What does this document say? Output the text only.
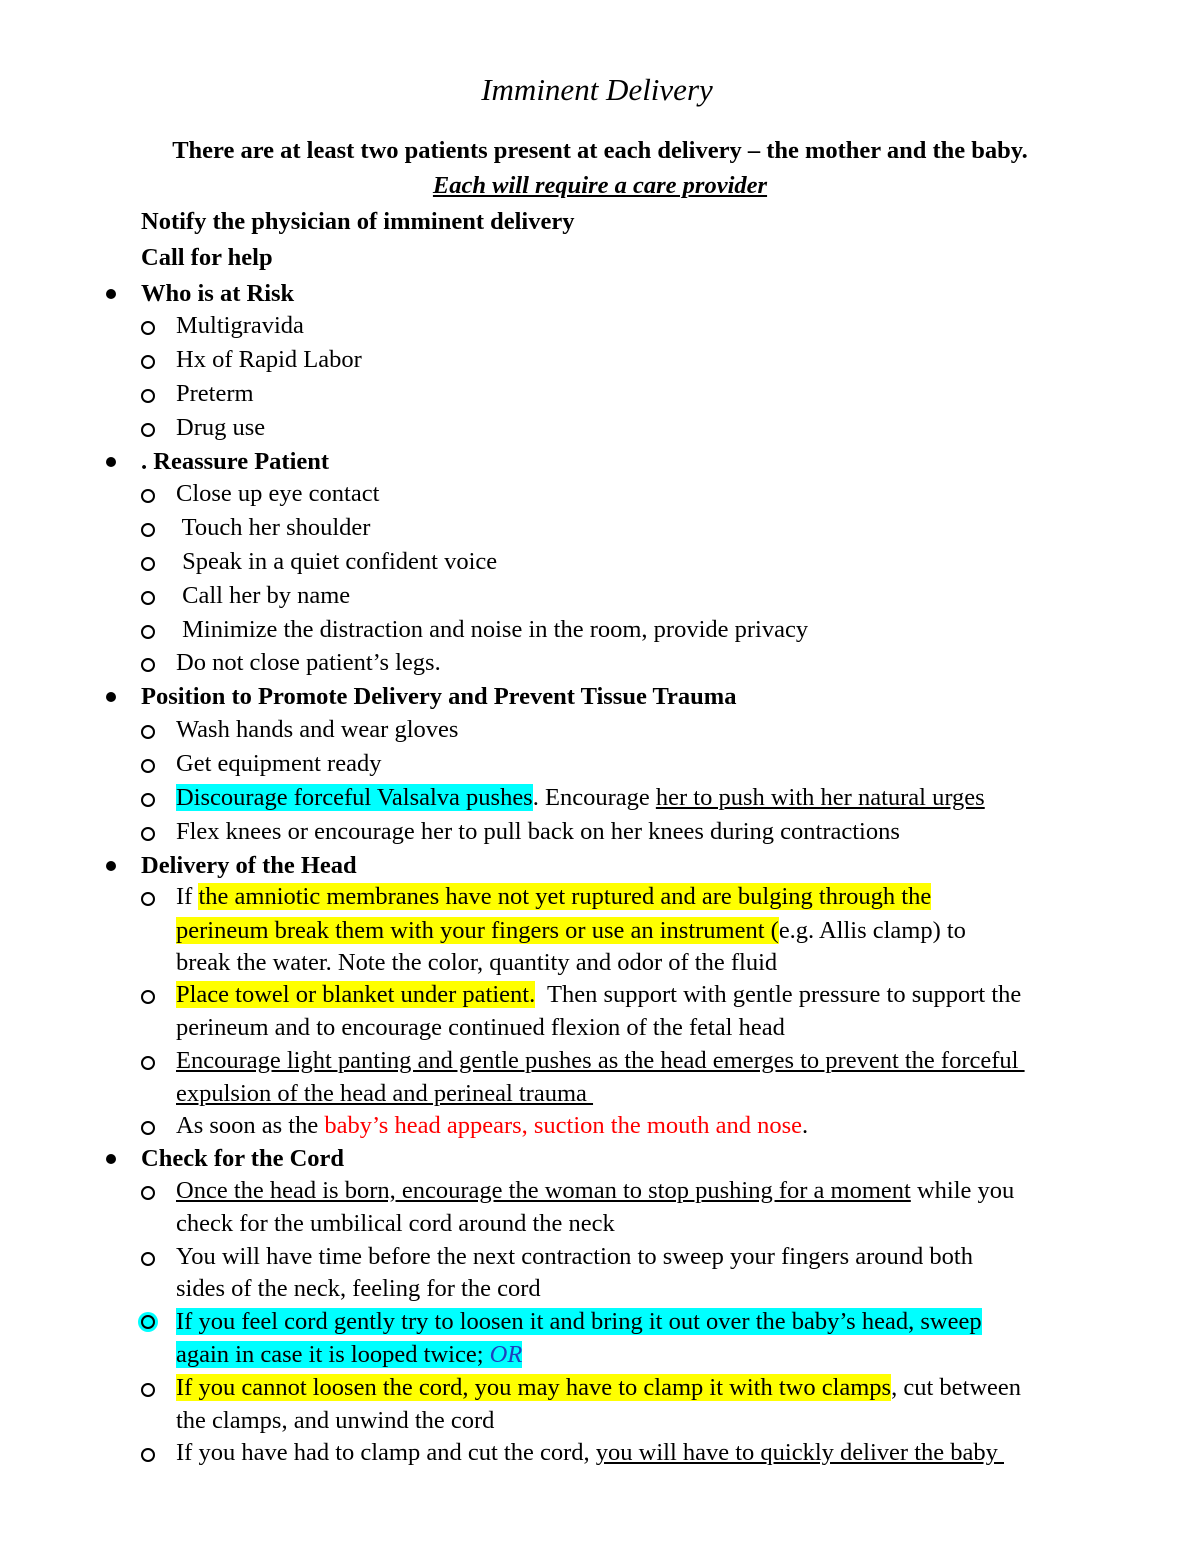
Imminent Delivery
There are at least two patients present at each delivery – the mother and the baby.
Each will require a care provider
Notify the physician of imminent delivery
Call for help
Who is at Risk
Multigravida
Hx of Rapid Labor
Preterm
Drug use
. Reassure Patient
Close up eye contact
Touch her shoulder
Speak in a quiet confident voice
Call her by name
Minimize the distraction and noise in the room, provide privacy
Do not close patient’s legs.
Position to Promote Delivery and Prevent Tissue Trauma
Wash hands and wear gloves
Get equipment ready
Discourage forceful Valsalva pushes. Encourage her to push with her natural urges
Flex knees or encourage her to pull back on her knees during contractions
Delivery of the Head
If the amniotic membranes have not yet ruptured and are bulging through the
perineum break them with your fingers or use an instrument (e.g. Allis clamp) to
break the water. Note the color, quantity and odor of the fluid
Place towel or blanket under patient.  Then support with gentle pressure to support the
perineum and to encourage continued flexion of the fetal head
Encourage light panting and gentle pushes as the head emerges to prevent the forceful
expulsion of the head and perineal trauma
As soon as the baby’s head appears, suction the mouth and nose.
Check for the Cord
Once the head is born, encourage the woman to stop pushing for a moment while you
check for the umbilical cord around the neck
You will have time before the next contraction to sweep your fingers around both
sides of the neck, feeling for the cord
If you feel cord gently try to loosen it and bring it out over the baby’s head, sweep
again in case it is looped twice; OR
If you cannot loosen the cord, you may have to clamp it with two clamps, cut between
the clamps, and unwind the cord
If you have had to clamp and cut the cord, you will have to quickly deliver the baby
